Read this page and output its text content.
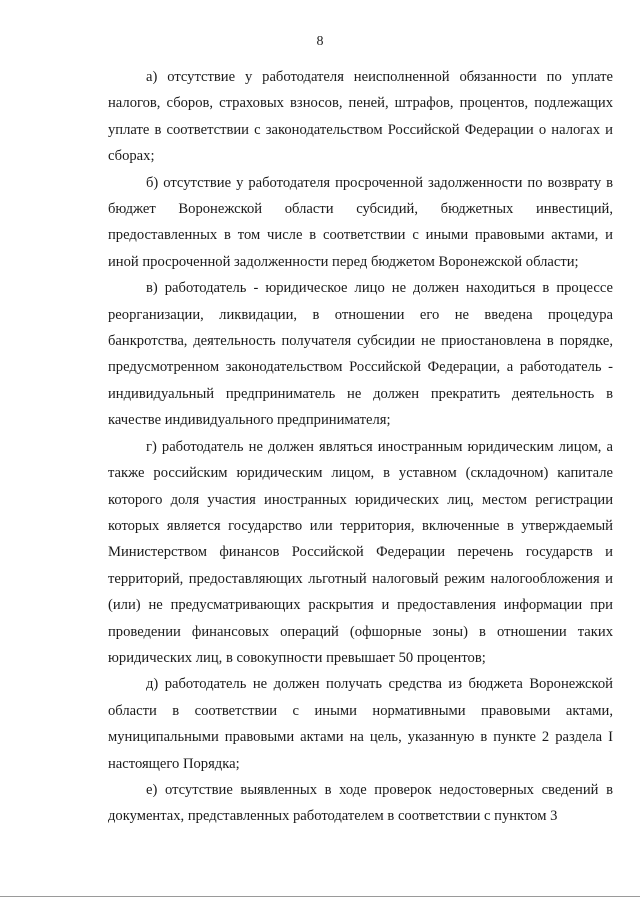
8

а) отсутствие у работодателя неисполненной обязанности по уплате налогов, сборов, страховых взносов, пеней, штрафов, процентов, подлежащих уплате в соответствии с законодательством Российской Федерации о налогах и сборах;

б) отсутствие у работодателя просроченной задолженности по возврату в бюджет Воронежской области субсидий, бюджетных инвестиций, предоставленных в том числе в соответствии с иными правовыми актами, и иной просроченной задолженности перед бюджетом Воронежской области;

в) работодатель - юридическое лицо не должен находиться в процессе реорганизации, ликвидации, в отношении его не введена процедура банкротства, деятельность получателя субсидии не приостановлена в порядке, предусмотренном законодательством Российской Федерации, а работодатель - индивидуальный предприниматель не должен прекратить деятельность в качестве индивидуального предпринимателя;

г) работодатель не должен являться иностранным юридическим лицом, а также российским юридическим лицом, в уставном (складочном) капитале которого доля участия иностранных юридических лиц, местом регистрации которых является государство или территория, включенные в утверждаемый Министерством финансов Российской Федерации перечень государств и территорий, предоставляющих льготный налоговый режим налогообложения и (или) не предусматривающих раскрытия и предоставления информации при проведении финансовых операций (офшорные зоны) в отношении таких юридических лиц, в совокупности превышает 50 процентов;

д) работодатель не должен получать средства из бюджета Воронежской области в соответствии с иными нормативными правовыми актами, муниципальными правовыми актами на цель, указанную в пункте 2 раздела I настоящего Порядка;

е) отсутствие выявленных в ходе проверок недостоверных сведений в документах, представленных работодателем в соответствии с пунктом 3
